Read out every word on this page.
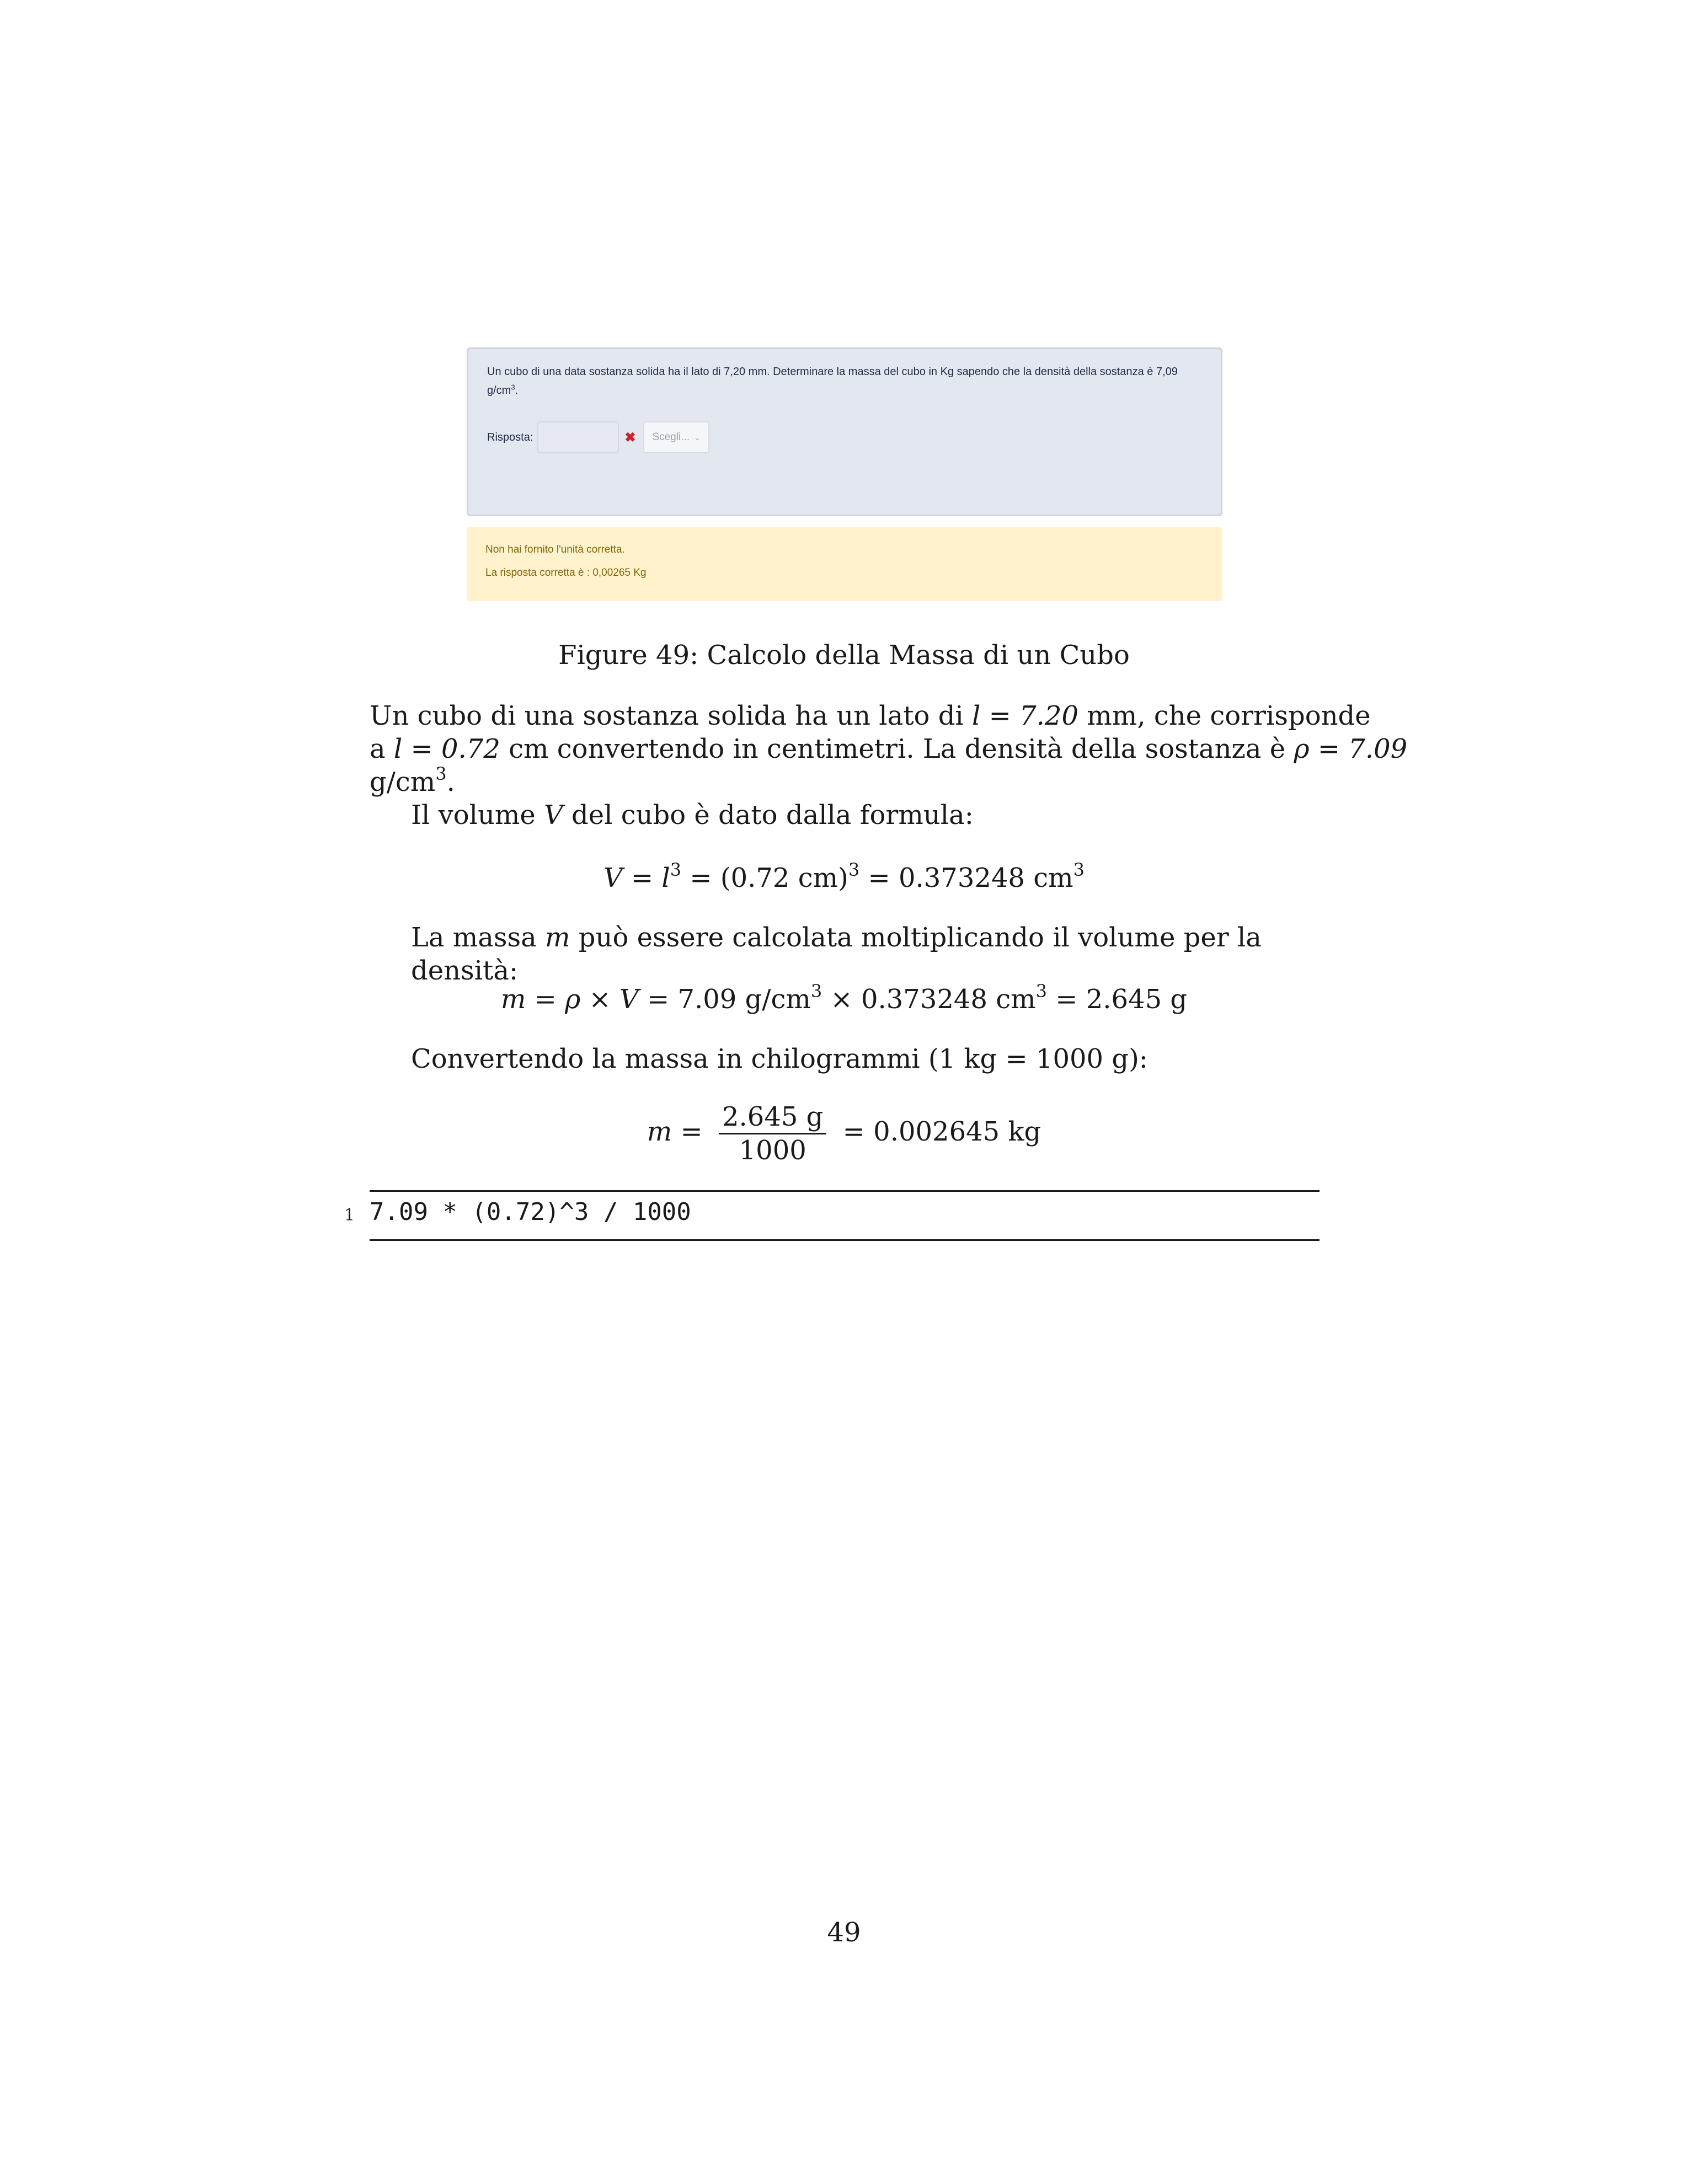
Un cubo di una data sostanza solida ha il lato di 7,20 mm. Determinare la massa del cubo in Kg sapendo che la densità della sostanza è 7,09 $g/cm^3$.
Risposta:	✖ Scegli... ⌄
Non hai fornito l'unità corretta.
La risposta corretta è : 0,00265 Kg
Figure 49: Calcolo della Massa di un Cubo
Un cubo di una sostanza solida ha un lato di l = 7.20 mm, che corrisponde
a l = 0.72 cm convertendo in centimetri. La densità della sostanza è ρ = 7.09
$g/cm^3$.
Il volume V del cubo è dato dalla formula:
$V = l^3 = (0.72$ cm)$^3$ = 0.373248 $cm^3$
La massa m può essere calcolata moltiplicando il volume per la densità:
m = ρ × V = 7.09 $g/cm^3 \times 0.373248$ $cm^3 = 2.645$ g
Convertendo la massa in chilogrammi (1 kg = 1000 g):
$m = \frac{2.645 g}{1000} = 0.002645$ kg
1 7.09 * (0.72)^3 / 1000
49
